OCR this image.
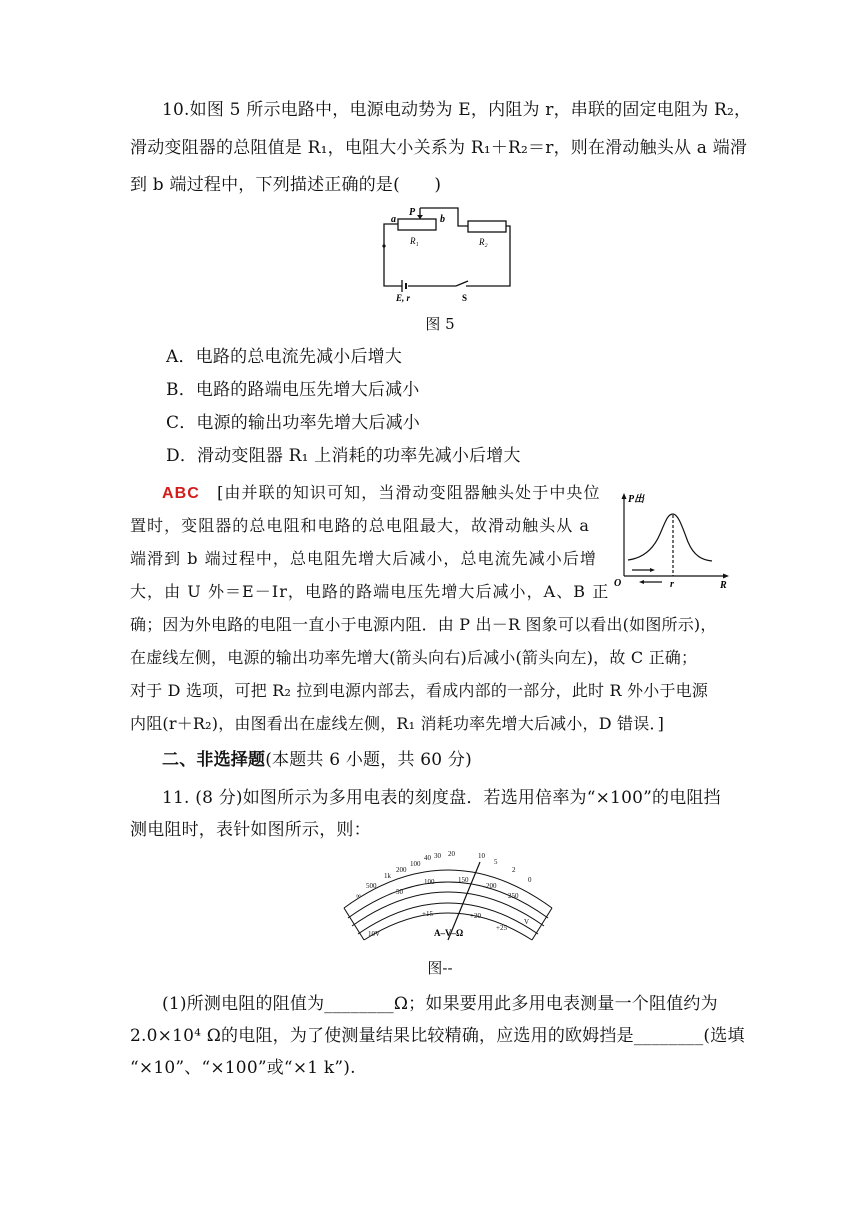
10.如图 5 所示电路中，电源电动势为 E，内阻为 r，串联的固定电阻为 R₂，
滑动变阻器的总阻值是 R₁，电阻大小关系为 R₁＋R₂＝r，则在滑动触头从 a 端滑
到 b 端过程中，下列描述正确的是(　　)
a	b
P
R₁	R₂
E, r	S
图 5
A．电路的总电流先减小后增大
B．电路的路端电压先增大后减小
C．电源的输出功率先增大后减小
D．滑动变阻器 R₁ 上消耗的功率先减小后增大
ABC　 [由并联的知识可知，当滑动变阻器触头处于中央位
置时，变阻器的总电阻和电路的总电阻最大，故滑动触头从 a
端滑到 b 端过程中，总电阻先增大后减小，总电流先减小后增
大，由 U 外＝E－Ir，电路的路端电压先增大后减小，A、B 正
确；因为外电路的电阻一直小于电源内阻．由 P 出－R 图象可以看出(如图所示)，
在虚线左侧，电源的输出功率先增大(箭头向右)后减小(箭头向左)，故 C 正确；
对于 D 选项，可把 R₂ 拉到电源内部去，看成内部的一部分，此时 R 外小于电源
内阻(r＋R₂)，由图看出在虚线左侧，R₁ 消耗功率先增大后减小，D 错误．]
P出
R
O	r
二、非选择题(本题共 6 小题，共 60 分)
11. (8 分)如图所示为多用电表的刻度盘．若选用倍率为“×100”的电阻挡
测电阻时，表针如图所示，则：
∞
500
1k
200
100
40 30 20	10
5
2
0
50
100	150
200
250
10V
+15	+20
+25
V
A–V–Ω
图--
(1)所测电阻的阻值为________Ω；如果要用此多用电表测量一个阻值约为
2.0×10⁴ Ω的电阻，为了使测量结果比较精确，应选用的欧姆挡是________(选填
“×10”、“×100”或“×1 k”).
